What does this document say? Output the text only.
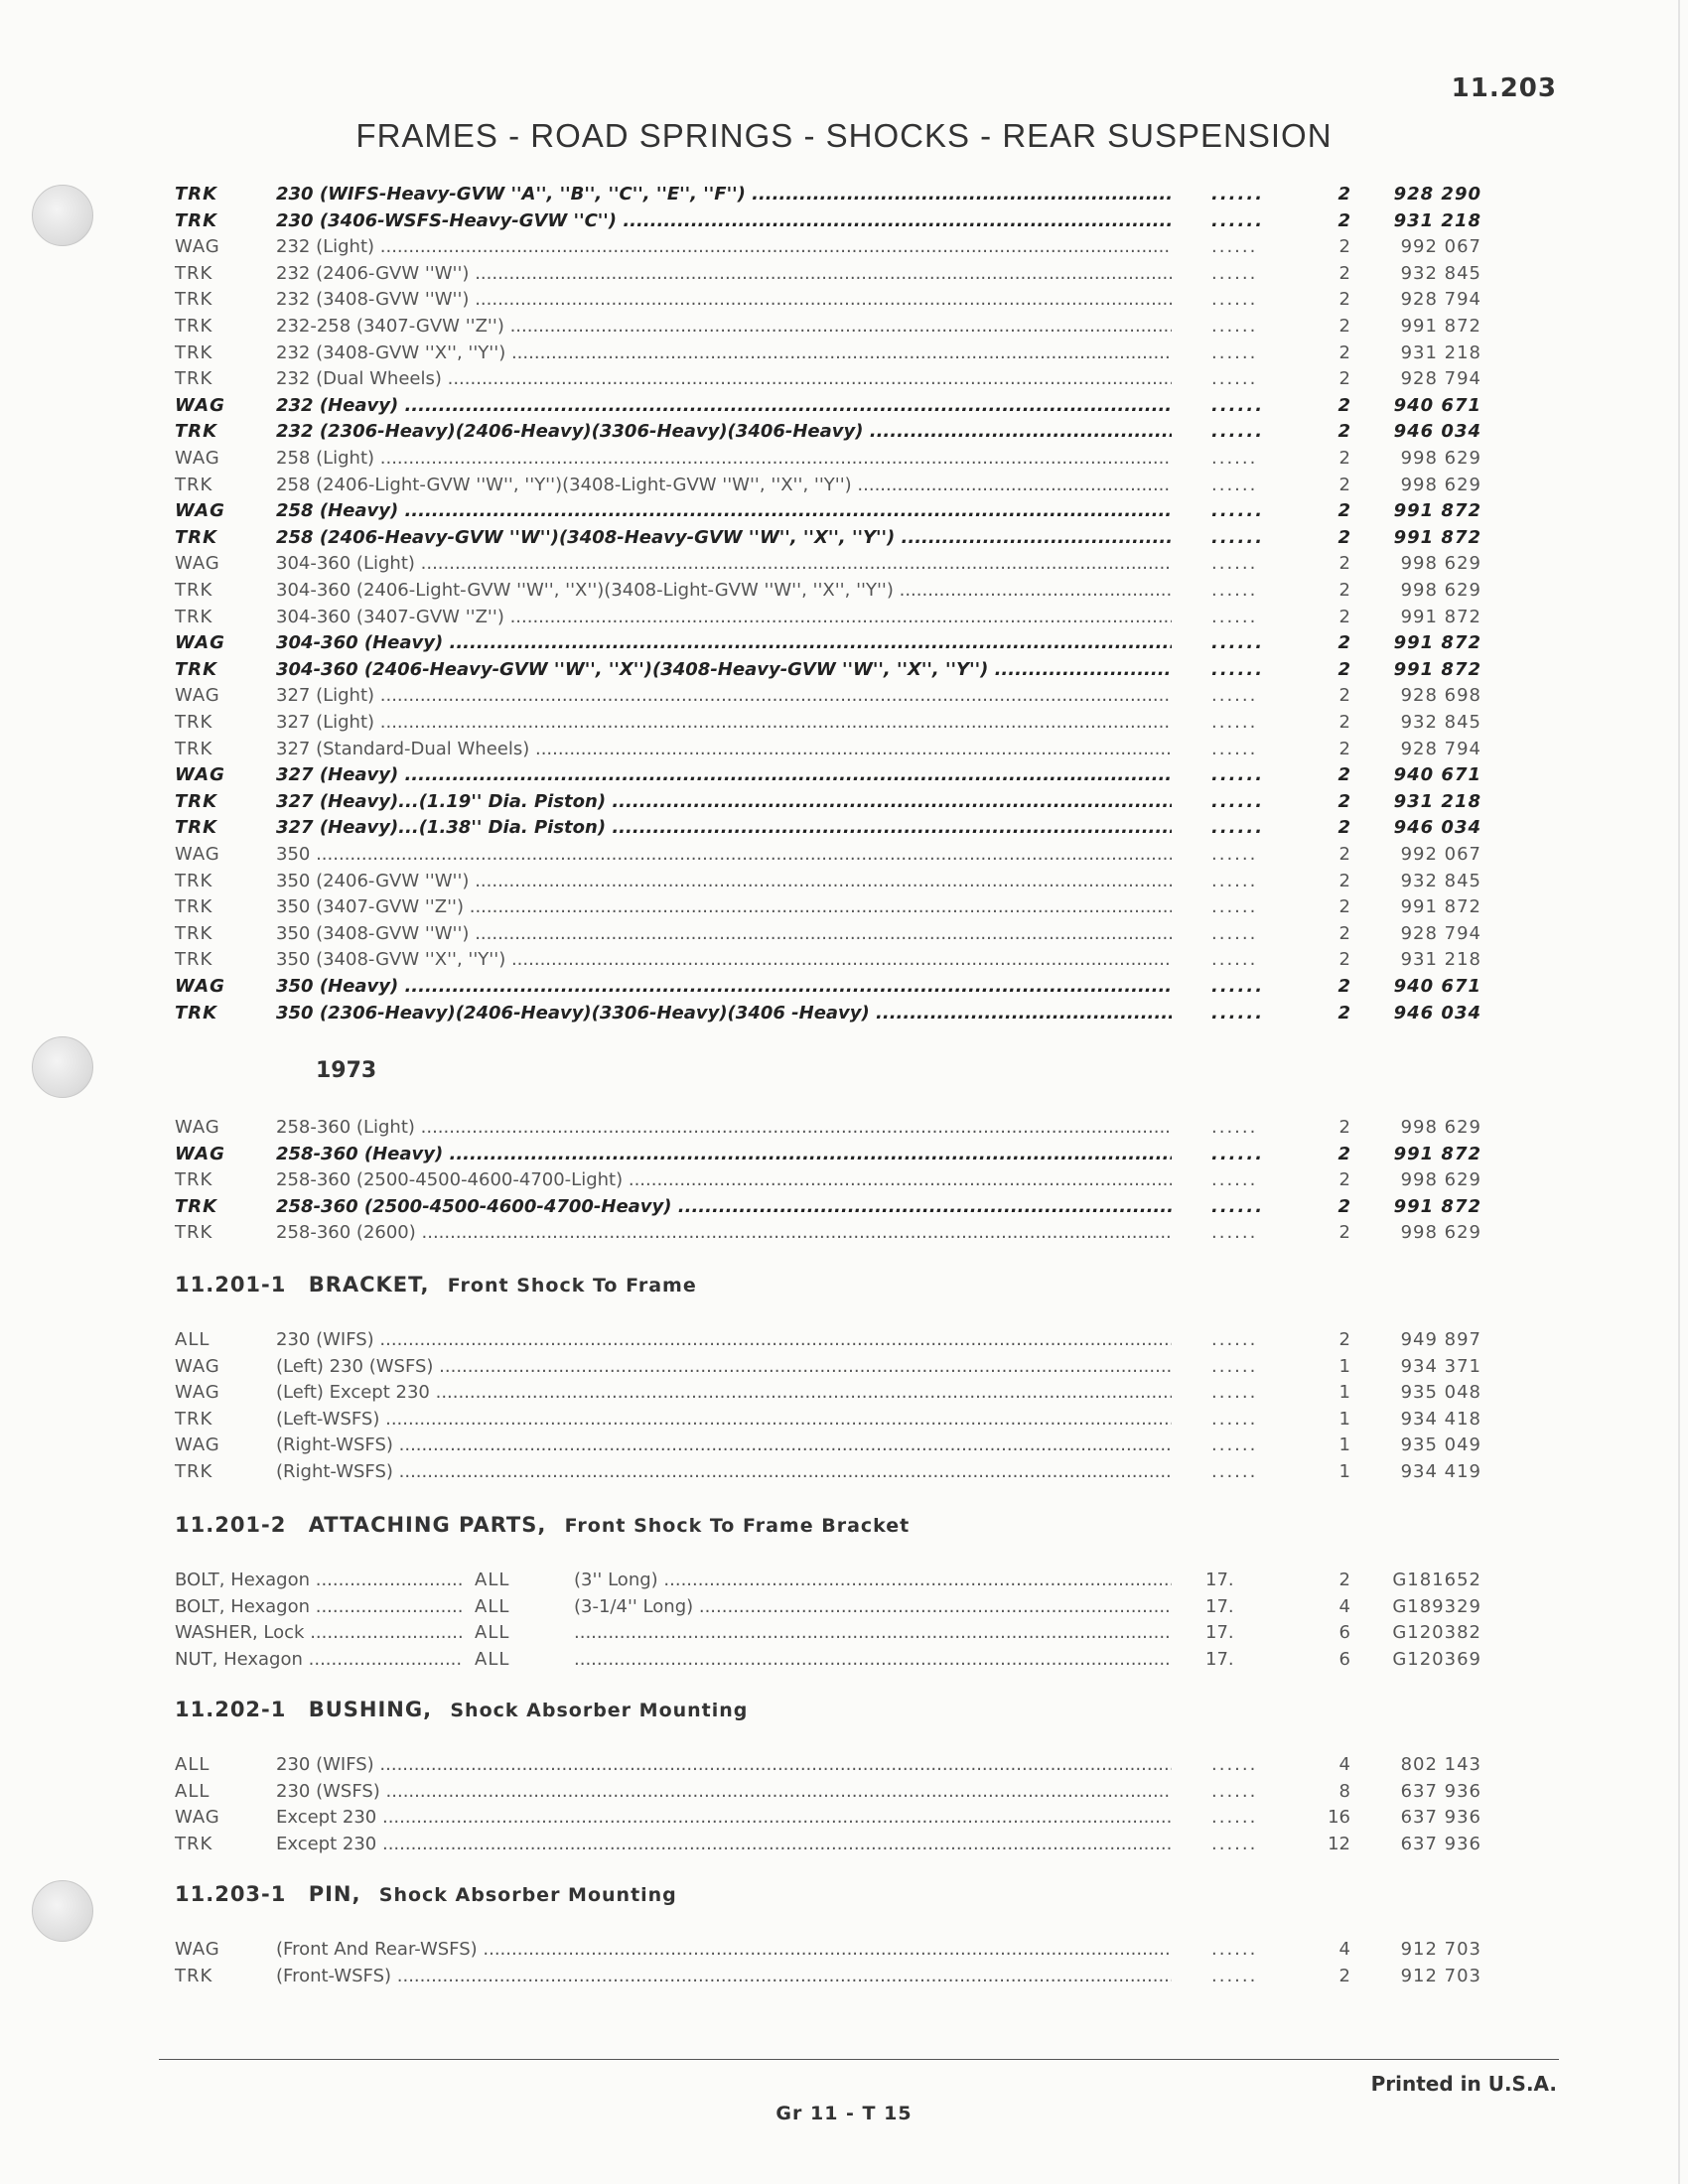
11.203
FRAMES - ROAD SPRINGS - SHOCKS - REAR SUSPENSION
TRK	230 (WIFS-Heavy-GVW ''A'', ''B'', ''C'', ''E'', ''F'') .....	......	2	928 290
TRK	230 (3406-WSFS-Heavy-GVW ''C'') .....	......	2	931 218
WAG	232 (Light) .....	......	2	992 067
TRK	232 (2406-GVW ''W'') .....	......	2	932 845
TRK	232 (3408-GVW ''W'') .....	......	2	928 794
TRK	232-258 (3407-GVW ''Z'') .....	......	2	991 872
TRK	232 (3408-GVW ''X'', ''Y'') .....	......	2	931 218
TRK	232 (Dual Wheels) .....	......	2	928 794
WAG	232 (Heavy) .....	......	2	940 671
TRK	232 (2306-Heavy)(2406-Heavy)(3306-Heavy)(3406-Heavy) .....	......	2	946 034
WAG	258 (Light) .....	......	2	998 629
TRK	258 (2406-Light-GVW ''W'', ''Y'')(3408-Light-GVW ''W'', ''X'', ''Y'') .....	......	2	998 629
WAG	258 (Heavy) .....	......	2	991 872
TRK	258 (2406-Heavy-GVW ''W'')(3408-Heavy-GVW ''W'', ''X'', ''Y'') .....	......	2	991 872
WAG	304-360 (Light) .....	......	2	998 629
TRK	304-360 (2406-Light-GVW ''W'', ''X'')(3408-Light-GVW ''W'', ''X'', ''Y'') .....	......	2	998 629
TRK	304-360 (3407-GVW ''Z'') .....	......	2	991 872
WAG	304-360 (Heavy) .....	......	2	991 872
TRK	304-360 (2406-Heavy-GVW ''W'', ''X'')(3408-Heavy-GVW ''W'', ''X'', ''Y'') .....	......	2	991 872
WAG	327 (Light) .....	......	2	928 698
TRK	327 (Light) .....	......	2	932 845
TRK	327 (Standard-Dual Wheels) .....	......	2	928 794
WAG	327 (Heavy) .....	......	2	940 671
TRK	327 (Heavy)...(1.19'' Dia. Piston) .....	......	2	931 218
TRK	327 (Heavy)...(1.38'' Dia. Piston) .....	......	2	946 034
WAG	350 .....	......	2	992 067
TRK	350 (2406-GVW ''W'') .....	......	2	932 845
TRK	350 (3407-GVW ''Z'') .....	......	2	991 872
TRK	350 (3408-GVW ''W'') .....	......	2	928 794
TRK	350 (3408-GVW ''X'', ''Y'') .....	......	2	931 218
WAG	350 (Heavy) .....	......	2	940 671
TRK	350 (2306-Heavy)(2406-Heavy)(3306-Heavy)(3406 -Heavy) .....	......	2	946 034
1973
WAG	258-360 (Light) .....	......	2	998 629
WAG	258-360 (Heavy) .....	......	2	991 872
TRK	258-360 (2500-4500-4600-4700-Light) .....	......	2	998 629
TRK	258-360 (2500-4500-4600-4700-Heavy) .....	......	2	991 872
TRK	258-360 (2600) .....	......	2	998 629
11.201-1 BRACKET, Front Shock To Frame
ALL	230 (WIFS) .....	......	2	949 897
WAG	(Left) 230 (WSFS) .....	......	1	934 371
WAG	(Left) Except 230 .....	......	1	935 048
TRK	(Left-WSFS) .....	......	1	934 418
WAG	(Right-WSFS) .....	......	1	935 049
TRK	(Right-WSFS) .....	......	1	934 419
11.201-2 ATTACHING PARTS, Front Shock To Frame Bracket
BOLT, Hexagon .....	ALL	(3'' Long) .....	17.	2 G181652
BOLT, Hexagon .....	ALL	(3-1/4'' Long) .....	17.	4 G189329
WASHER, Lock .....	ALL .....	17.	6 G120382
NUT, Hexagon .....	ALL .....	17.	6 G120369
11.202-1 BUSHING, Shock Absorber Mounting
ALL	230 (WIFS) .....	......	4	802 143
ALL	230 (WSFS) .....	......	8	637 936
WAG	Except 230 .....	......	16	637 936
TRK	Except 230 .....	......	12	637 936
11.203-1 PIN, Shock Absorber Mounting
WAG	(Front And Rear-WSFS) .....	......	4	912 703
TRK	(Front-WSFS) .....	......	2	912 703
Printed in U.S.A.
Gr 11 - T 15
